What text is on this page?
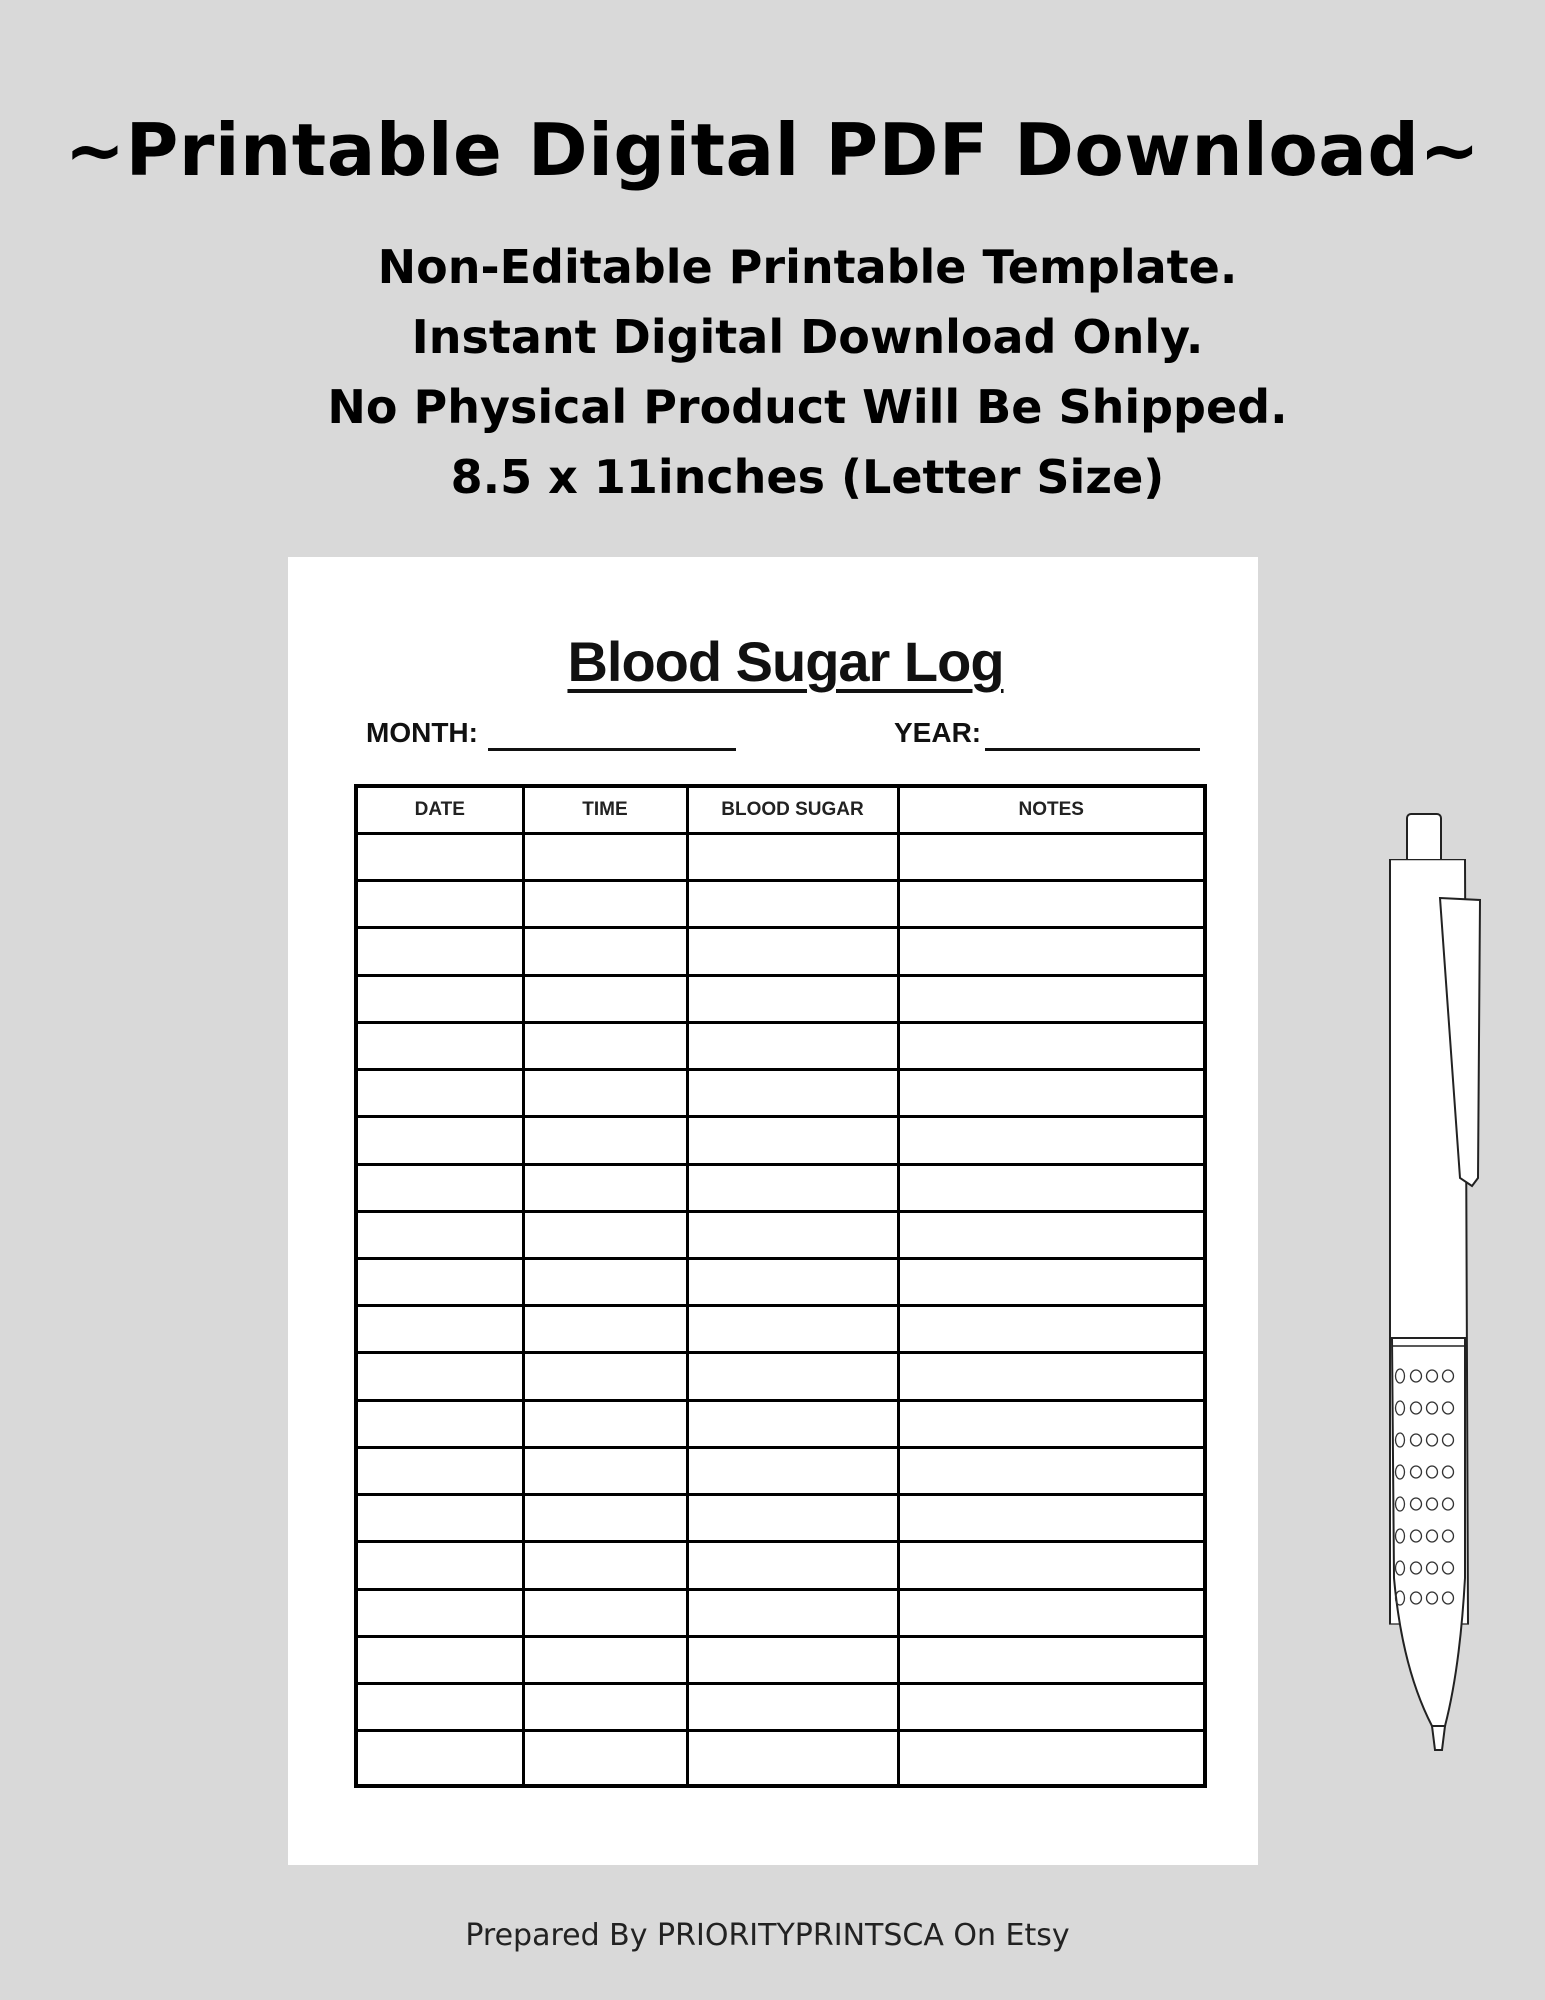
~Printable Digital PDF Download~
Non-Editable Printable Template.
Instant Digital Download Only.
No Physical Product Will Be Shipped.
8.5 x 11inches (Letter Size)
Blood Sugar Log
MONTH:	YEAR:
DATE	TIME	BLOOD SUGAR	NOTES

Prepared By PRIORITYPRINTSCA On Etsy
